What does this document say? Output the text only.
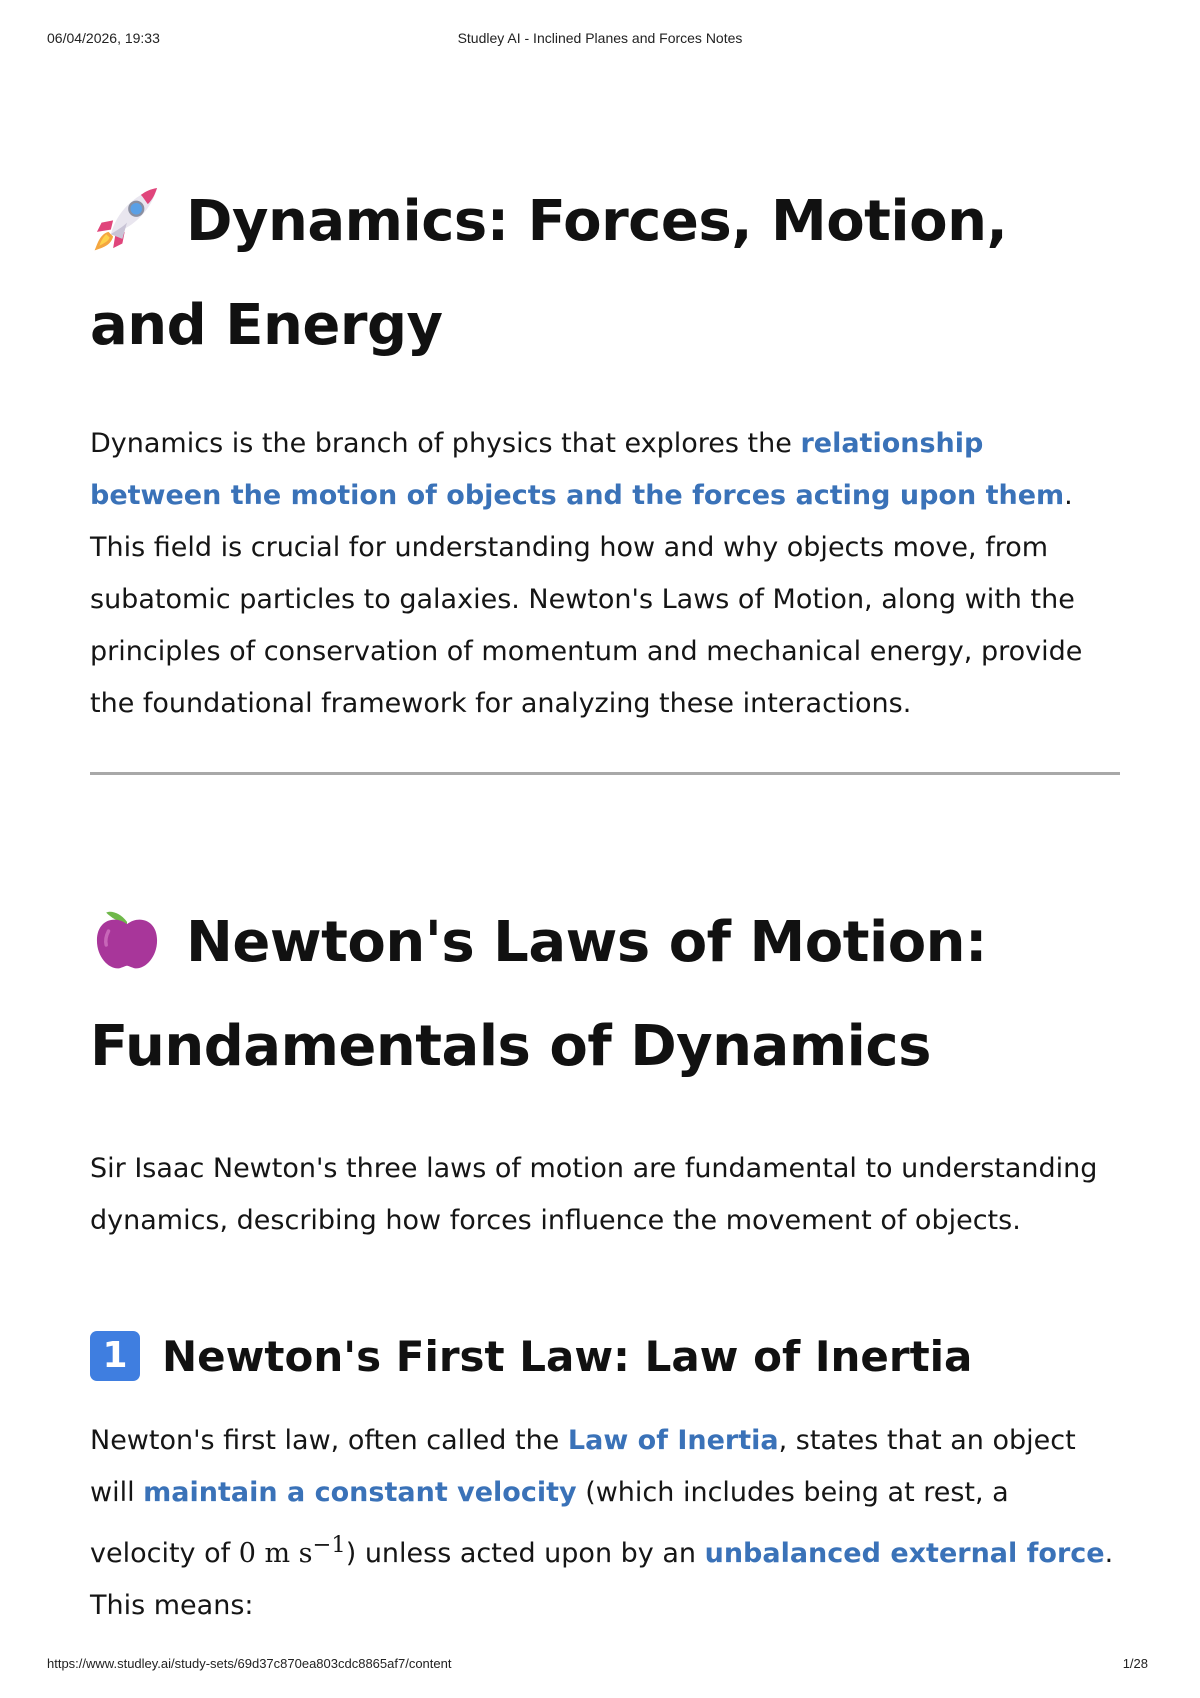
06/04/2026, 19:33	Studley AI - Inclined Planes and Forces Notes
Dynamics: Forces, Motion, and Energy

Dynamics is the branch of physics that explores the relationship between the motion of objects and the forces acting upon them. This field is crucial for understanding how and why objects move, from subatomic particles to galaxies. Newton's Laws of Motion, along with the principles of conservation of momentum and mechanical energy, provide the foundational framework for analyzing these interactions.

Newton's Laws of Motion: Fundamentals of Dynamics

Sir Isaac Newton's three laws of motion are fundamental to understanding dynamics, describing how forces influence the movement of objects.

1 Newton's First Law: Law of Inertia

Newton's first law, often called the Law of Inertia, states that an object will maintain a constant velocity (which includes being at rest, a velocity of 0 m $s^{-1}$) unless acted upon by an unbalanced external force. This means:

https://www.studley.ai/study-sets/69d37c870ea803cdc8865af7/content	1/28
